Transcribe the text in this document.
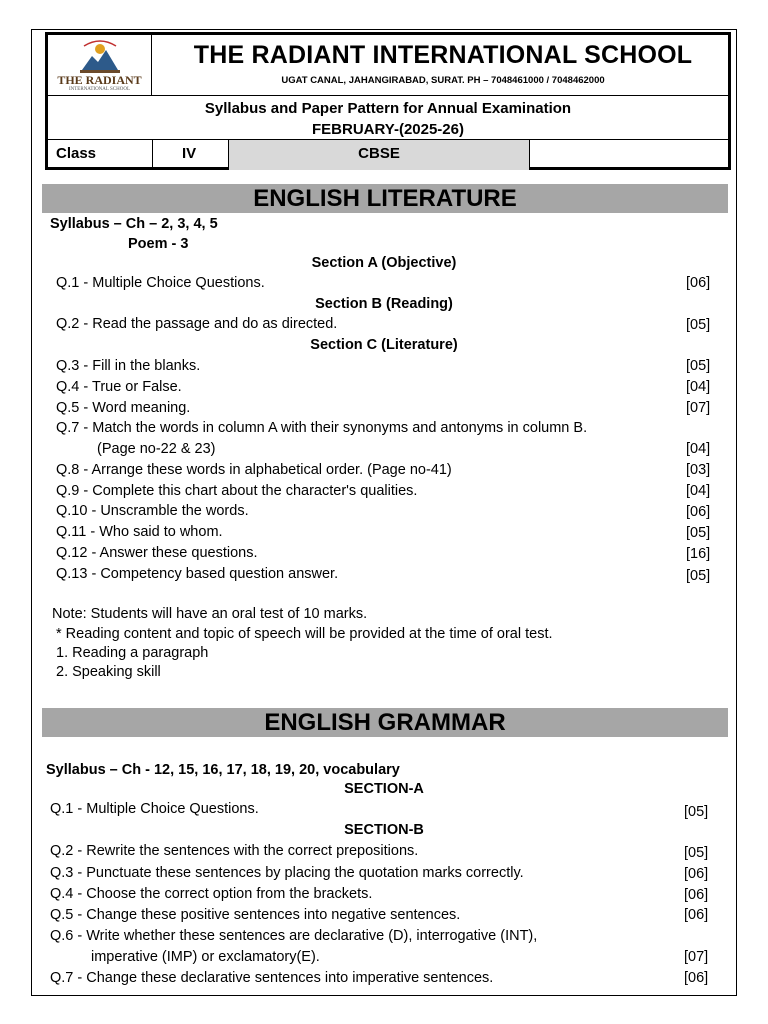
THE RADIANT
INTERNATIONAL SCHOOL
THE RADIANT INTERNATIONAL SCHOOL
UGAT CANAL, JAHANGIRABAD, SURAT. PH – 7048461000 / 7048462000
Syllabus and Paper Pattern for Annual Examination
FEBRUARY-(2025-26)
Class	IV	CBSE
ENGLISH LITERATURE
Syllabus – Ch – 2, 3, 4, 5
Poem - 3
Section A (Objective)
Q.1 - Multiple Choice Questions.	[06]
Section B (Reading)
Q.2 - Read the passage and do as directed.	[05]
Section C (Literature)
Q.3 - Fill in the blanks.	[05]
Q.4 - True or False.	[04]
Q.5 - Word meaning.	[07]
Q.7 - Match the words in column A with their synonyms and antonyms in column B.
(Page no-22 & 23)	[04]
Q.8 - Arrange these words in alphabetical order. (Page no-41)	[03]
Q.9 - Complete this chart about the character's qualities.	[04]
Q.10 - Unscramble the words.	[06]
Q.11 - Who said to whom.	[05]
Q.12 - Answer these questions.	[16]
Q.13 - Competency based question answer.	[05]
Note: Students will have an oral test of 10 marks.
* Reading content and topic of speech will be provided at the time of oral test.
1. Reading a paragraph
2. Speaking skill
ENGLISH GRAMMAR
Syllabus – Ch - 12, 15, 16, 17, 18, 19, 20, vocabulary
SECTION-A
Q.1 - Multiple Choice Questions.	[05]
SECTION-B
Q.2 - Rewrite the sentences with the correct prepositions.	[05]
Q.3 - Punctuate these sentences by placing the quotation marks correctly.	[06]
Q.4 - Choose the correct option from the brackets.	[06]
Q.5 - Change these positive sentences into negative sentences.	[06]
Q.6 - Write whether these sentences are declarative (D), interrogative (INT),
imperative (IMP) or exclamatory(E).	[07]
Q.7 - Change these declarative sentences into imperative sentences.	[06]
